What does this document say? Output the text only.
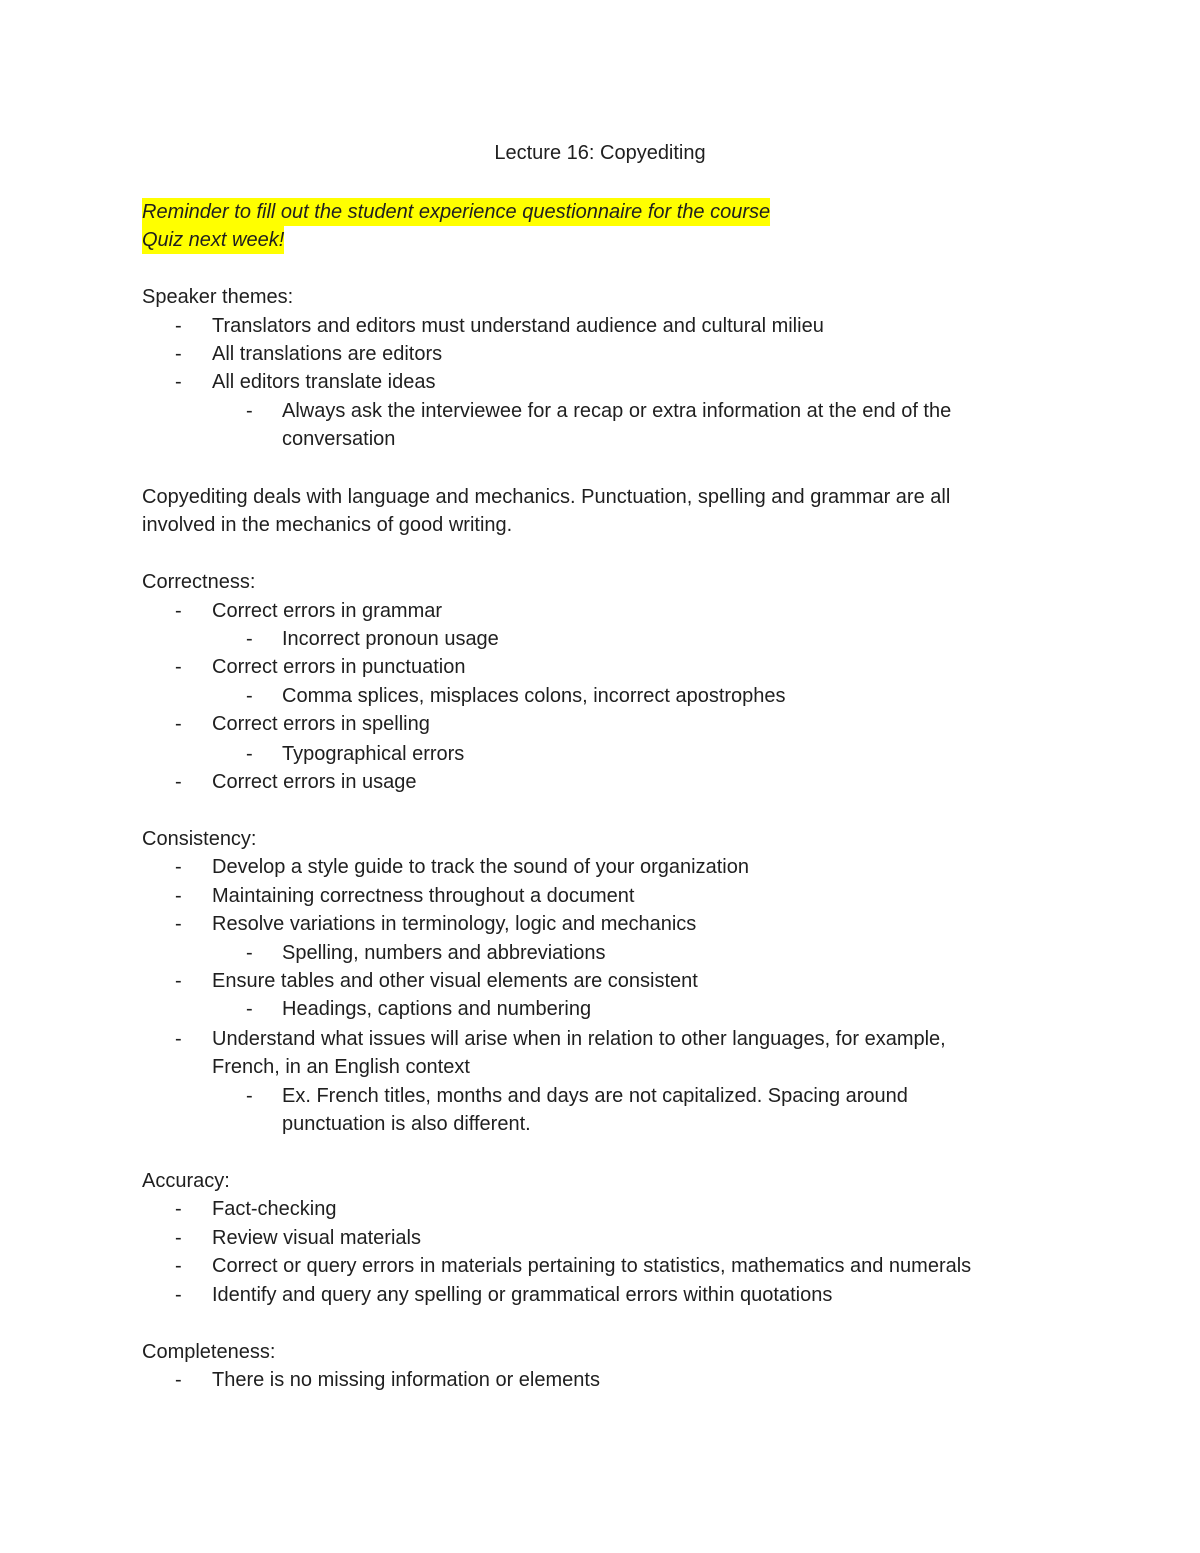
Lecture 16: Copyediting
Reminder to fill out the student experience questionnaire for the course
Quiz next week!
Speaker themes:
- Translators and editors must understand audience and cultural milieu
- All translations are editors
- All editors translate ideas
- Always ask the interviewee for a recap or extra information at the end of the
conversation
Copyediting deals with language and mechanics. Punctuation, spelling and grammar are all
involved in the mechanics of good writing.
Correctness:
- Correct errors in grammar
- Incorrect pronoun usage
- Correct errors in punctuation
- Comma splices, misplaces colons, incorrect apostrophes
- Correct errors in spelling
- Typographical errors
- Correct errors in usage
Consistency:
- Develop a style guide to track the sound of your organization
- Maintaining correctness throughout a document
- Resolve variations in terminology, logic and mechanics
- Spelling, numbers and abbreviations
- Ensure tables and other visual elements are consistent
- Headings, captions and numbering
- Understand what issues will arise when in relation to other languages, for example,
French, in an English context
- Ex. French titles, months and days are not capitalized. Spacing around
punctuation is also different.
Accuracy:
- Fact-checking
- Review visual materials
- Correct or query errors in materials pertaining to statistics, mathematics and numerals
- Identify and query any spelling or grammatical errors within quotations
Completeness:
- There is no missing information or elements
